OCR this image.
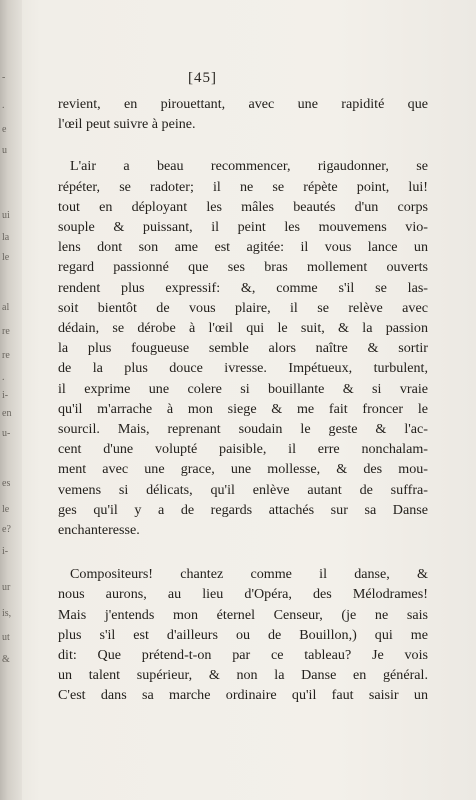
-
.
e
u
ui
la
le
al
re
re
.
i-
en
u-
es
le
e?
i-
ur
is,
ut
&
[45]
revient, en pirouettant, avec une rapidité que
l'œil peut suivre à peine.
L'air a beau recommencer, rigaudonner, se
répéter, se radoter; il ne se répète point, lui!
tout en déployant les mâles beautés d'un corps
souple & puissant, il peint les mouvemens vio-
lens dont son ame est agitée: il vous lance un
regard passionné que ses bras mollement ouverts
rendent plus expressif: &, comme s'il se las-
soit bientôt de vous plaire, il se relève avec
dédain, se dérobe à l'œil qui le suit, & la passion
la plus fougueuse semble alors naître & sortir
de la plus douce ivresse. Impétueux, turbulent,
il exprime une colere si bouillante & si vraie
qu'il m'arrache à mon siege & me fait froncer le
sourcil. Mais, reprenant soudain le geste & l'ac-
cent d'une volupté paisible, il erre nonchalam-
ment avec une grace, une mollesse, & des mou-
vemens si délicats, qu'il enlève autant de suffra-
ges qu'il y a de regards attachés sur sa Danse
enchanteresse.
Compositeurs! chantez comme il danse, &
nous aurons, au lieu d'Opéra, des Mélodrames!
Mais j'entends mon éternel Censeur, (je ne sais
plus s'il est d'ailleurs ou de Bouillon,) qui me
dit: Que prétend-t-on par ce tableau? Je vois
un talent supérieur, & non la Danse en général.
C'est dans sa marche ordinaire qu'il faut saisir un
